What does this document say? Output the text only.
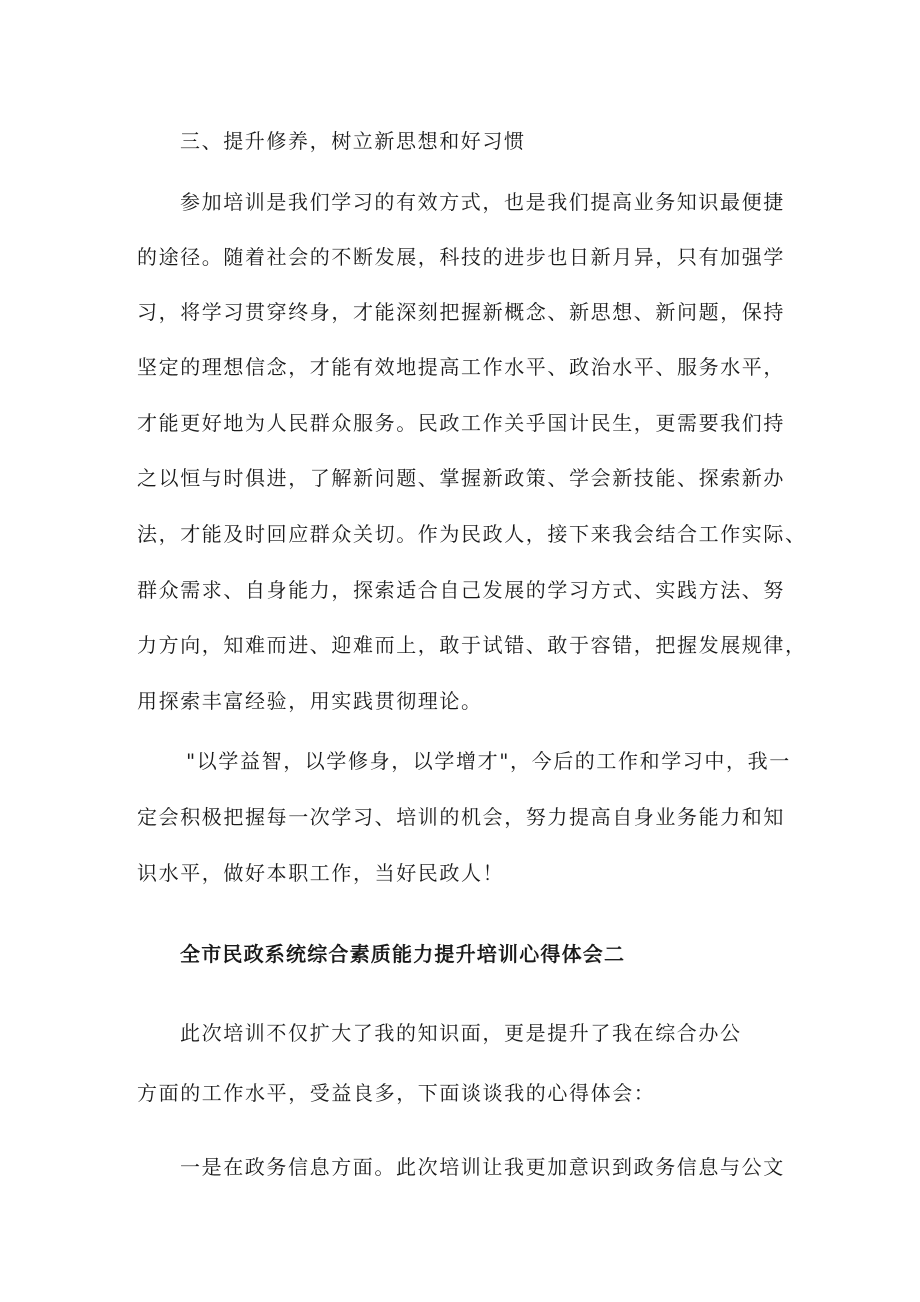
三、提升修养，树立新思想和好习惯
参加培训是我们学习的有效方式，也是我们提高业务知识最便捷
的途径。随着社会的不断发展，科技的进步也日新月异，只有加强学
习，将学习贯穿终身，才能深刻把握新概念、新思想、新问题，保持
坚定的理想信念，才能有效地提高工作水平、政治水平、服务水平，
才能更好地为人民群众服务。民政工作关乎国计民生，更需要我们持
之以恒与时俱进，了解新问题、掌握新政策、学会新技能、探索新办
法，才能及时回应群众关切。作为民政人，接下来我会结合工作实际、
群众需求、自身能力，探索适合自己发展的学习方式、实践方法、努
力方向，知难而进、迎难而上，敢于试错、敢于容错，把握发展规律，
用探索丰富经验，用实践贯彻理论。
"以学益智，以学修身，以学增才"，今后的工作和学习中，我一
定会积极把握每一次学习、培训的机会，努力提高自身业务能力和知
识水平，做好本职工作，当好民政人！
全市民政系统综合素质能力提升培训心得体会二
此次培训不仅扩大了我的知识面，更是提升了我在综合办公
方面的工作水平，受益良多，下面谈谈我的心得体会：
一是在政务信息方面。此次培训让我更加意识到政务信息与公文
